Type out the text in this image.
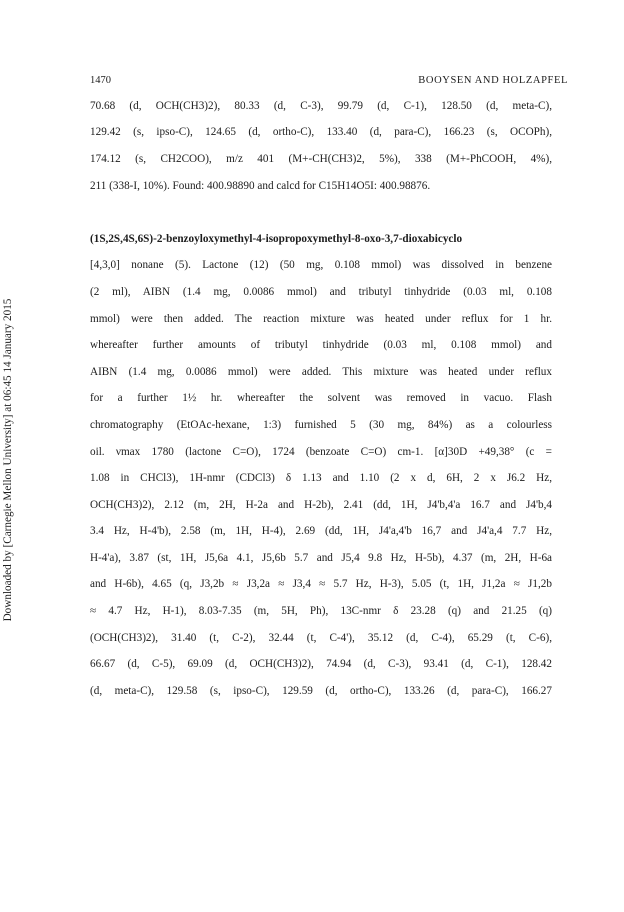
1470	BOOYSEN AND HOLZAPFEL
Downloaded by [Carnegie Mellon University] at 06:45 14 January 2015
70.68 (d, OCH(CH3)2), 80.33 (d, C-3), 99.79 (d, C-1), 128.50 (d, meta-C),
129.42 (s, ipso-C), 124.65 (d, ortho-C), 133.40 (d, para-C), 166.23 (s, OCOPh),
174.12 (s, CH2COO), m/z 401 (M+-CH(CH3)2, 5%), 338 (M+-PhCOOH, 4%),
211 (338-I, 10%). Found: 400.98890 and calcd for C15H14O5I: 400.98876.
(1S,2S,4S,6S)-2-benzoyloxymethyl-4-isopropoxymethyl-8-oxo-3,7-dioxabicyclo
[4,3,0] nonane (5). Lactone (12) (50 mg, 0.108 mmol) was dissolved in benzene
(2 ml), AIBN (1.4 mg, 0.0086 mmol) and tributyl tinhydride (0.03 ml, 0.108
mmol) were then added. The reaction mixture was heated under reflux for 1 hr.
whereafter further amounts of tributyl tinhydride (0.03 ml, 0.108 mmol) and
AIBN (1.4 mg, 0.0086 mmol) were added. This mixture was heated under reflux
for a further 1½ hr. whereafter the solvent was removed in vacuo. Flash
chromatography (EtOAc-hexane, 1:3) furnished 5 (30 mg, 84%) as a colourless
oil. νmax 1780 (lactone C=O), 1724 (benzoate C=O) cm-1. [α]30D +49,38° (c =
1.08 in CHCl3), 1H-nmr (CDCl3) δ 1.13 and 1.10 (2 x d, 6H, 2 x J6.2 Hz,
OCH(CH3)2), 2.12 (m, 2H, H-2a and H-2b), 2.41 (dd, 1H, J4'b,4'a 16.7 and J4'b,4
3.4 Hz, H-4'b), 2.58 (m, 1H, H-4), 2.69 (dd, 1H, J4'a,4'b 16,7 and J4'a,4 7.7 Hz,
H-4'a), 3.87 (st, 1H, J5,6a 4.1, J5,6b 5.7 and J5,4 9.8 Hz, H-5b), 4.37 (m, 2H, H-6a
and H-6b), 4.65 (q, J3,2b ≈ J3,2a ≈ J3,4 ≈ 5.7 Hz, H-3), 5.05 (t, 1H, J1,2a ≈ J1,2b
≈ 4.7 Hz, H-1), 8.03-7.35 (m, 5H, Ph), 13C-nmr δ 23.28 (q) and 21.25 (q)
(OCH(CH3)2), 31.40 (t, C-2), 32.44 (t, C-4'), 35.12 (d, C-4), 65.29 (t, C-6),
66.67 (d, C-5), 69.09 (d, OCH(CH3)2), 74.94 (d, C-3), 93.41 (d, C-1), 128.42
(d, meta-C), 129.58 (s, ipso-C), 129.59 (d, ortho-C), 133.26 (d, para-C), 166.27
